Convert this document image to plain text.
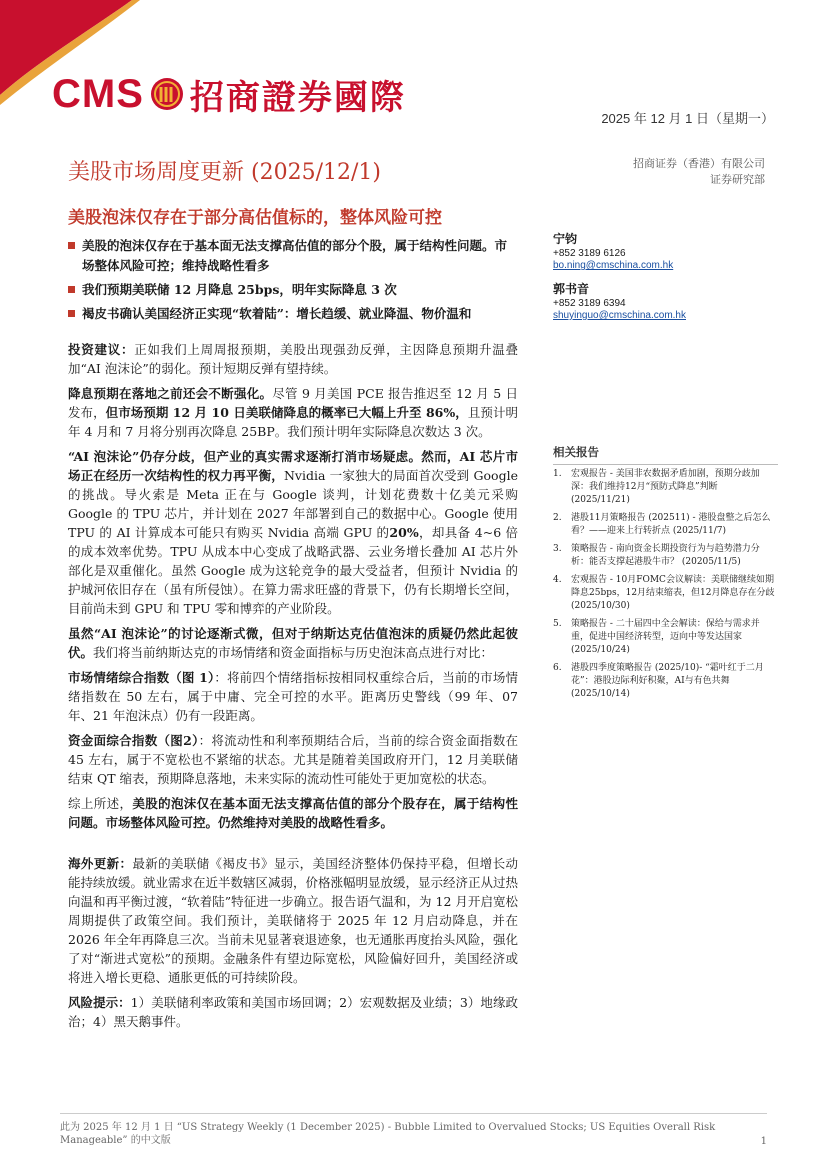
CMS 招商證券國際
2025 年 12 月 1 日（星期一）
美股市场周度更新 (2025/12/1)	招商证券（香港）有限公司
证券研究部
美股泡沫仅存在于部分高估值标的，整体风险可控
美股的泡沫仅存在于基本面无法支撑高估值的部分个股，属于结构性问题。市场整体风险可控；维持战略性看多
我们预期美联储 12 月降息 25bps，明年实际降息 3 次
褐皮书确认美国经济正实现“软着陆”：增长趋缓、就业降温、物价温和
宁钧
+852 3189 6126
bo.ning@cmschina.com.hk
郭书音
+852 3189 6394
shuyinguo@cmschina.com.hk

投资建议：正如我们上周周报预期，美股出现强劲反弹，主因降息预期升温叠加“AI 泡沫论”的弱化。预计短期反弹有望持续。

降息预期在落地之前还会不断强化。尽管 9 月美国 PCE 报告推迟至 12 月 5 日发布，但市场预期 12 月 10 日美联储降息的概率已大幅上升至 86%，且预计明年 4 月和 7 月将分别再次降息 25BP。我们预计明年实际降息次数达 3 次。

“AI 泡沫论”仍存分歧，但产业的真实需求逐渐打消市场疑虑。然而，AI 芯片市场正在经历一次结构性的权力再平衡，Nvidia 一家独大的局面首次受到 Google 的挑战。导火索是 Meta 正在与 Google 谈判，计划花费数十亿美元采购 Google 的 TPU 芯片，并计划在 2027 年部署到自己的数据中心。Google 使用 TPU 的 AI 计算成本可能只有购买 Nvidia 高端 GPU 的20%，却具备 4~6 倍的成本效率优势。TPU 从成本中心变成了战略武器、云业务增长叠加 AI 芯片外部化是双重催化。虽然 Google 成为这轮竞争的最大受益者，但预计 Nvidia 的护城河依旧存在（虽有所侵蚀）。在算力需求旺盛的背景下，仍有长期增长空间，目前尚未到 GPU 和 TPU 零和博弈的产业阶段。

虽然“AI 泡沫论”的讨论逐渐式微，但对于纳斯达克估值泡沫的质疑仍然此起彼伏。我们将当前纳斯达克的市场情绪和资金面指标与历史泡沫高点进行对比：

市场情绪综合指数（图 1）：将前四个情绪指标按相同权重综合后，当前的市场情绪指数在 50 左右，属于中庸、完全可控的水平。距离历史警线（99 年、07 年、21 年泡沫点）仍有一段距离。

资金面综合指数（图2）：将流动性和利率预期结合后，当前的综合资金面指数在 45 左右，属于不宽松也不紧缩的状态。尤其是随着美国政府开门，12 月美联储结束 QT 缩表，预期降息落地，未来实际的流动性可能处于更加宽松的状态。

综上所述，美股的泡沫仅在基本面无法支撑高估值的部分个股存在，属于结构性问题。市场整体风险可控。仍然维持对美股的战略性看多。

海外更新：最新的美联储《褐皮书》显示，美国经济整体仍保持平稳，但增长动能持续放缓。就业需求在近半数辖区减弱，价格涨幅明显放缓，显示经济正从过热向温和再平衡过渡，“软着陆”特征进一步确立。报告语气温和，为 12 月开启宽松周期提供了政策空间。我们预计，美联储将于 2025 年 12 月启动降息，并在 2026 年全年再降息三次。当前未见显著衰退迹象，也无通胀再度抬头风险，强化了对“渐进式宽松”的预期。金融条件有望边际宽松，风险偏好回升，美国经济或将进入增长更稳、通胀更低的可持续阶段。

风险提示：1）美联储利率政策和美国市场回调；2）宏观数据及业绩；3）地缘政治；4）黑天鹅事件。

相关报告
1. 宏观报告 - 美国非农数据矛盾加剧，预期分歧加深：我们维持12月“预防式降息”判断 (2025/11/21)
2. 港股11月策略报告 (202511) - 港股盘整之后怎么看？——迎来上行转折点 (2025/11/7)
3. 策略报告 - 南向资金长期投资行为与趋势潜力分析：能否支撑起港股牛市？ (20205/11/5)
4. 宏观报告 - 10月FOMC会议解读：美联储继续如期降息25bps，12月结束缩表，但12月降息存在分歧 (2025/10/30)
5. 策略报告 - 二十届四中全会解读：保给与需求并重，促进中国经济转型，迈向中等发达国家 (2025/10/24)
6. 港股四季度策略报告 (2025/10)- “霜叶红于二月花”：港股边际利好积聚，AI与有色共舞 (2025/10/14)
此为 2025 年 12 月 1 日 “US Strategy Weekly (1 December 2025) - Bubble Limited to Overvalued Stocks; US Equities Overall Risk Manageable” 的中文版	1
